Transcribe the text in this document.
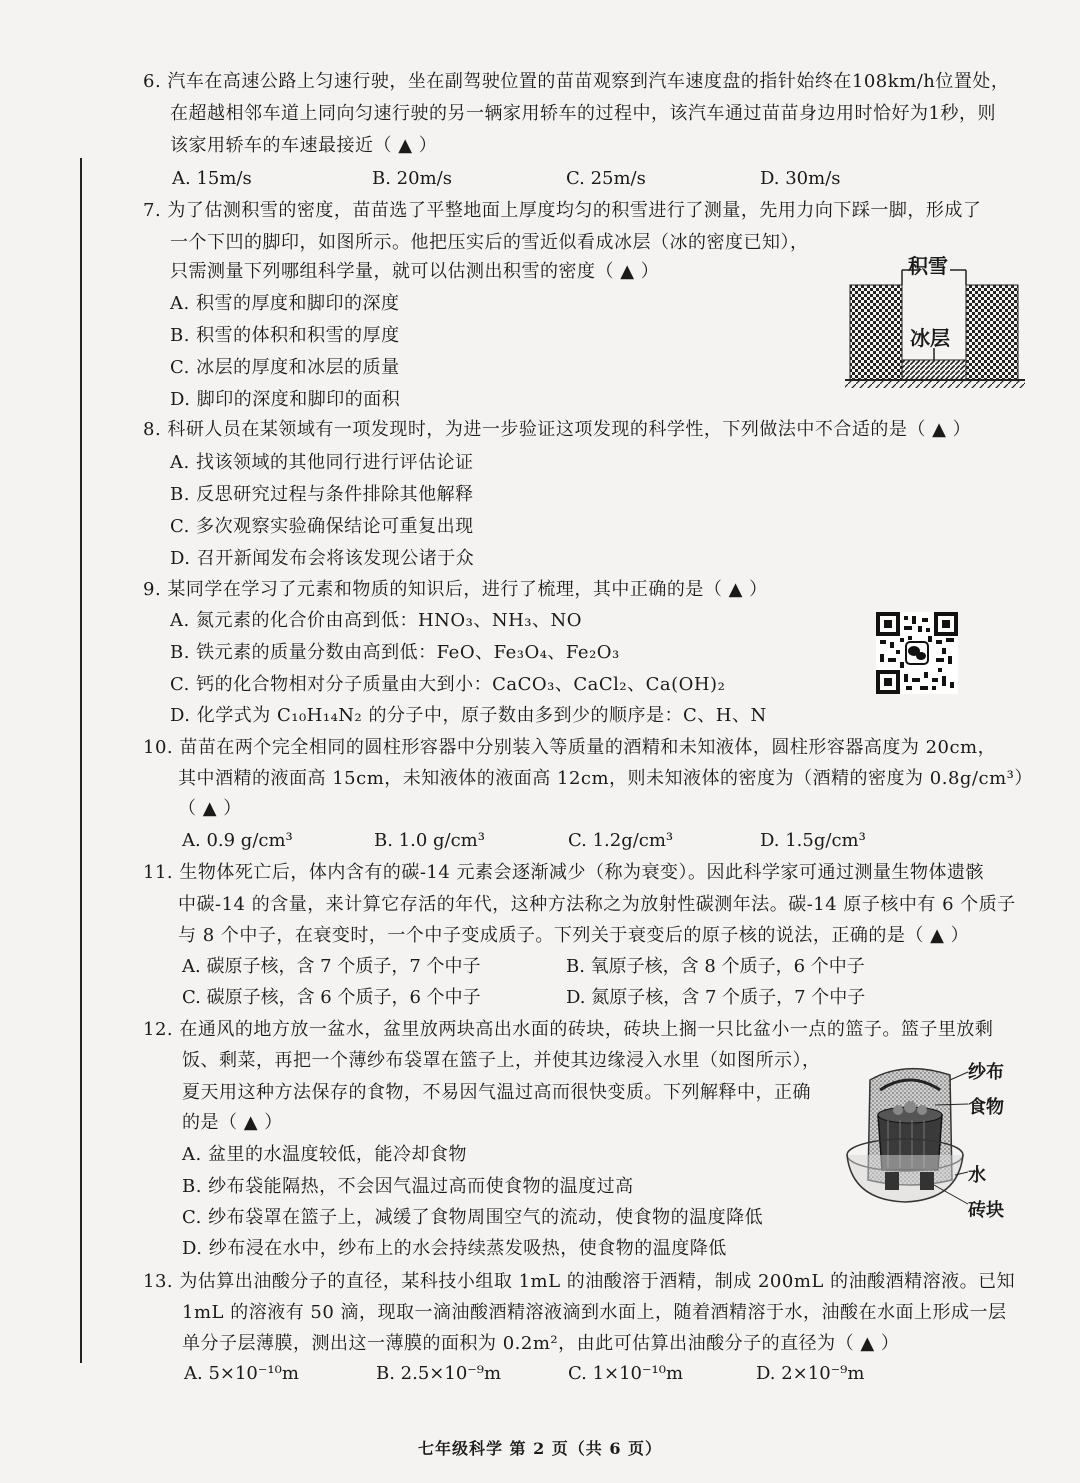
6. 汽车在高速公路上匀速行驶，坐在副驾驶位置的苗苗观察到汽车速度盘的指针始终在108km/h位置处，
在超越相邻车道上同向匀速行驶的另一辆家用轿车的过程中，该汽车通过苗苗身边用时恰好为1秒，则
该家用轿车的车速最接近（ ▲ ）
A. 15m/s	B. 20m/s	C. 25m/s	D. 30m/s
7. 为了估测积雪的密度，苗苗选了平整地面上厚度均匀的积雪进行了测量，先用力向下踩一脚，形成了
一个下凹的脚印，如图所示。他把压实后的雪近似看成冰层（冰的密度已知），
只需测量下列哪组科学量，就可以估测出积雪的密度（ ▲ ）
A. 积雪的厚度和脚印的深度
B. 积雪的体积和积雪的厚度
C. 冰层的厚度和冰层的质量
D. 脚印的深度和脚印的面积
积雪
冰层
8. 科研人员在某领域有一项发现时，为进一步验证这项发现的科学性，下列做法中不合适的是（ ▲ ）
A. 找该领域的其他同行进行评估论证
B. 反思研究过程与条件排除其他解释
C. 多次观察实验确保结论可重复出现
D. 召开新闻发布会将该发现公诸于众
9. 某同学在学习了元素和物质的知识后，进行了梳理，其中正确的是（ ▲ ）
A. 氮元素的化合价由高到低：HNO₃、NH₃、NO
B. 铁元素的质量分数由高到低：FeO、Fe₃O₄、Fe₂O₃
C. 钙的化合物相对分子质量由大到小：CaCO₃、CaCl₂、Ca(OH)₂
D. 化学式为 C₁₀H₁₄N₂ 的分子中，原子数由多到少的顺序是：C、H、N
10. 苗苗在两个完全相同的圆柱形容器中分别装入等质量的酒精和未知液体，圆柱形容器高度为 20cm，
其中酒精的液面高 15cm，未知液体的液面高 12cm，则未知液体的密度为（酒精的密度为 0.8g/cm³）
（ ▲ ）
A. 0.9 g/cm³	B. 1.0 g/cm³	C. 1.2g/cm³	D. 1.5g/cm³
11. 生物体死亡后，体内含有的碳-14 元素会逐渐减少（称为衰变）。因此科学家可通过测量生物体遗骸
中碳-14 的含量，来计算它存活的年代，这种方法称之为放射性碳测年法。碳-14 原子核中有 6 个质子
与 8 个中子，在衰变时，一个中子变成质子。下列关于衰变后的原子核的说法，正确的是（ ▲ ）
A. 碳原子核，含 7 个质子，7 个中子	B. 氧原子核，含 8 个质子，6 个中子
C. 碳原子核，含 6 个质子，6 个中子	D. 氮原子核，含 7 个质子，7 个中子
12. 在通风的地方放一盆水，盆里放两块高出水面的砖块，砖块上搁一只比盆小一点的篮子。篮子里放剩
饭、剩菜，再把一个薄纱布袋罩在篮子上，并使其边缘浸入水里（如图所示），
夏天用这种方法保存的食物，不易因气温过高而很快变质。下列解释中，正确
的是（ ▲ ）
A. 盆里的水温度较低，能冷却食物
B. 纱布袋能隔热，不会因气温过高而使食物的温度过高
C. 纱布袋罩在篮子上，减缓了食物周围空气的流动，使食物的温度降低
D. 纱布浸在水中，纱布上的水会持续蒸发吸热，使食物的温度降低
纱布
食物
水
砖块
13. 为估算出油酸分子的直径，某科技小组取 1mL 的油酸溶于酒精，制成 200mL 的油酸酒精溶液。已知
1mL 的溶液有 50 滴，现取一滴油酸酒精溶液滴到水面上，随着酒精溶于水，油酸在水面上形成一层
单分子层薄膜，测出这一薄膜的面积为 0.2m²，由此可估算出油酸分子的直径为（ ▲ ）
A. 5×10⁻¹⁰m	B. 2.5×10⁻⁹m	C. 1×10⁻¹⁰m	D. 2×10⁻⁹m
七年级科学 第 2 页（共 6 页）
